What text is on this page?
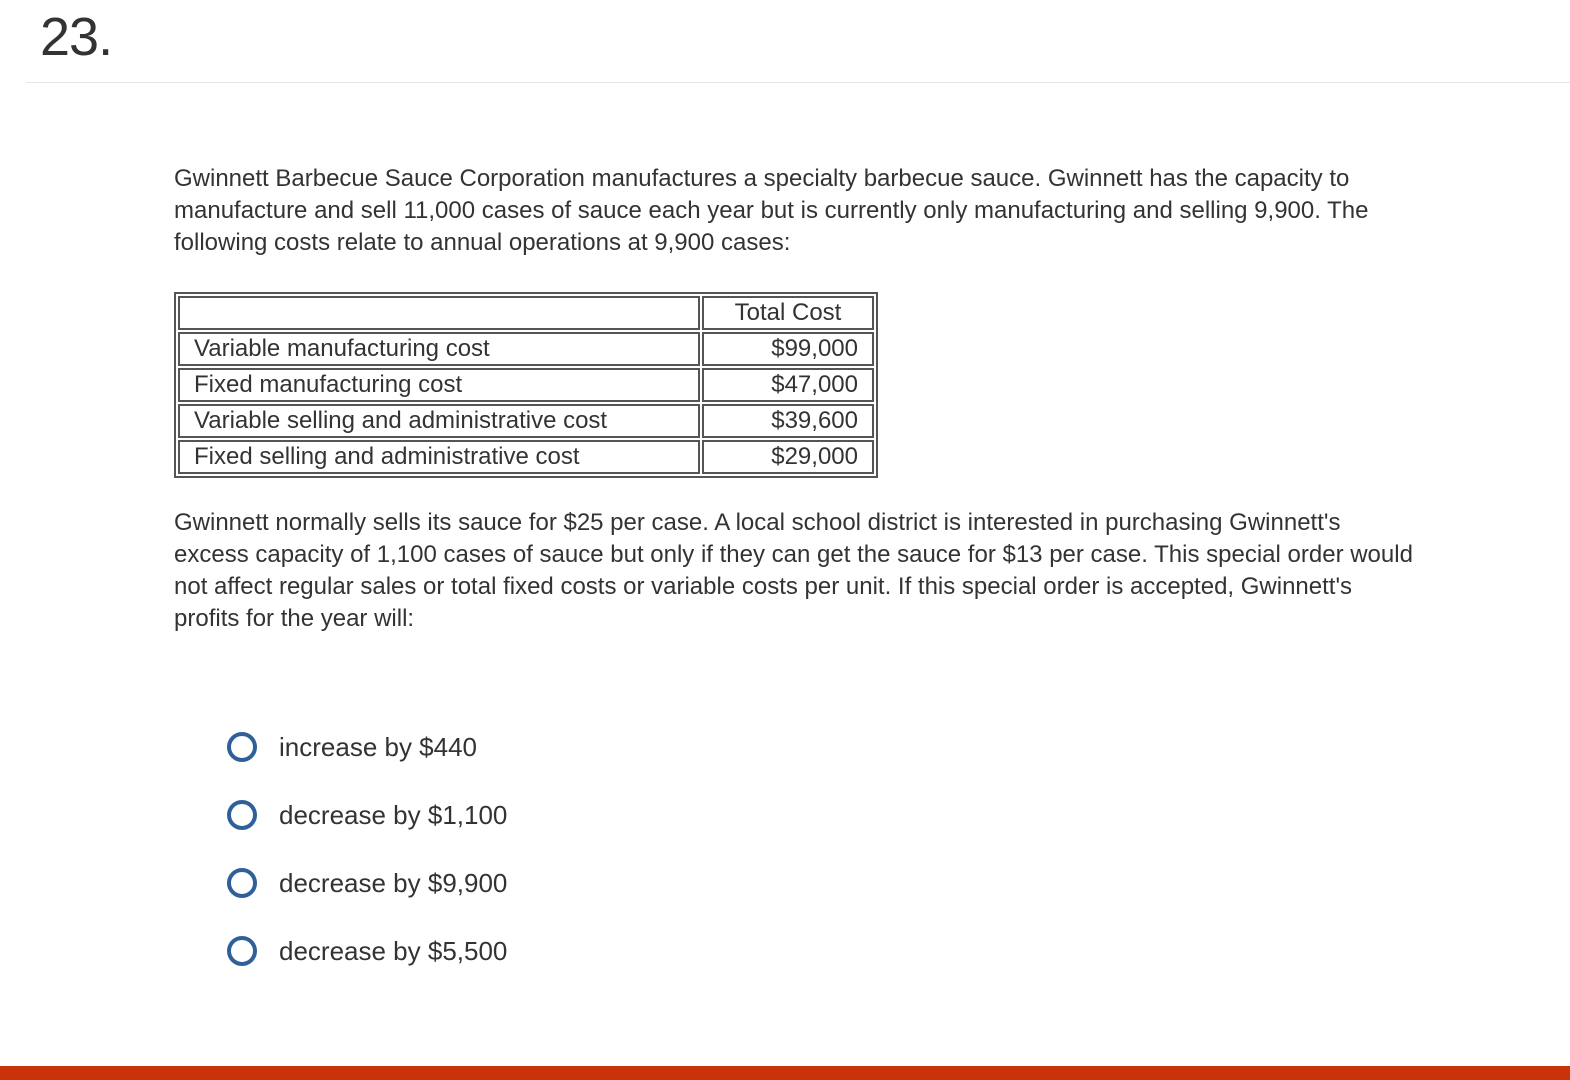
23.
Gwinnett Barbecue Sauce Corporation manufactures a specialty barbecue sauce. Gwinnett has the capacity to manufacture and sell 11,000 cases of sauce each year but is currently only manufacturing and selling 9,900. The following costs relate to annual operations at 9,900 cases:
	Total Cost
Variable manufacturing cost	$99,000
Fixed manufacturing cost	$47,000
Variable selling and administrative cost	$39,600
Fixed selling and administrative cost	$29,000
Gwinnett normally sells its sauce for $25 per case. A local school district is interested in purchasing Gwinnett's excess capacity of 1,100 cases of sauce but only if they can get the sauce for $13 per case. This special order would not affect regular sales or total fixed costs or variable costs per unit. If this special order is accepted, Gwinnett's profits for the year will:
increase by $440
decrease by $1,100
decrease by $9,900
decrease by $5,500
